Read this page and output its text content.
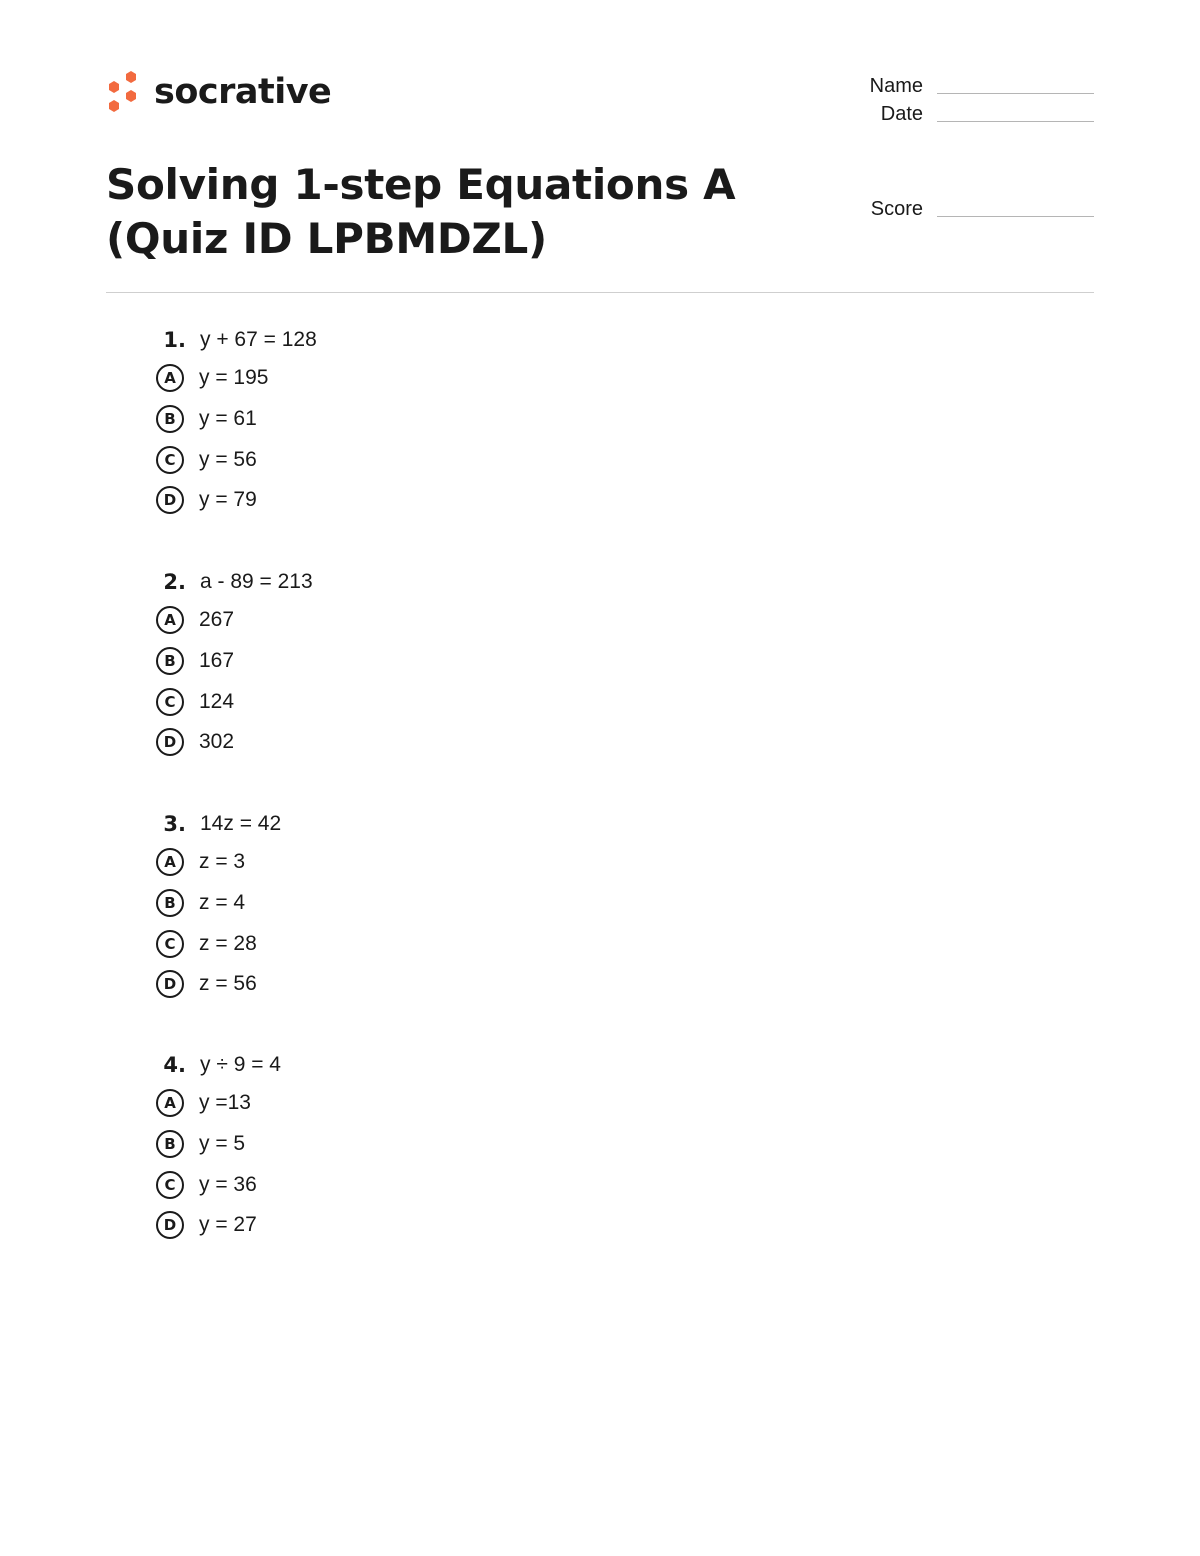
socrative	Name
Date
Score
Solving 1-step Equations A (Quiz ID LPBMDZL)
1. y + 67 = 128
A	y = 195
B	y = 61
C	y = 56
D	y = 79
2. a - 89 = 213
A	267
B	167
C	124
D	302
3. 14z = 42
A	z = 3
B	z = 4
C	z = 28
D	z = 56
4. y ÷ 9 = 4
A	y =13
B	y = 5
C	y = 36
D	y = 27
